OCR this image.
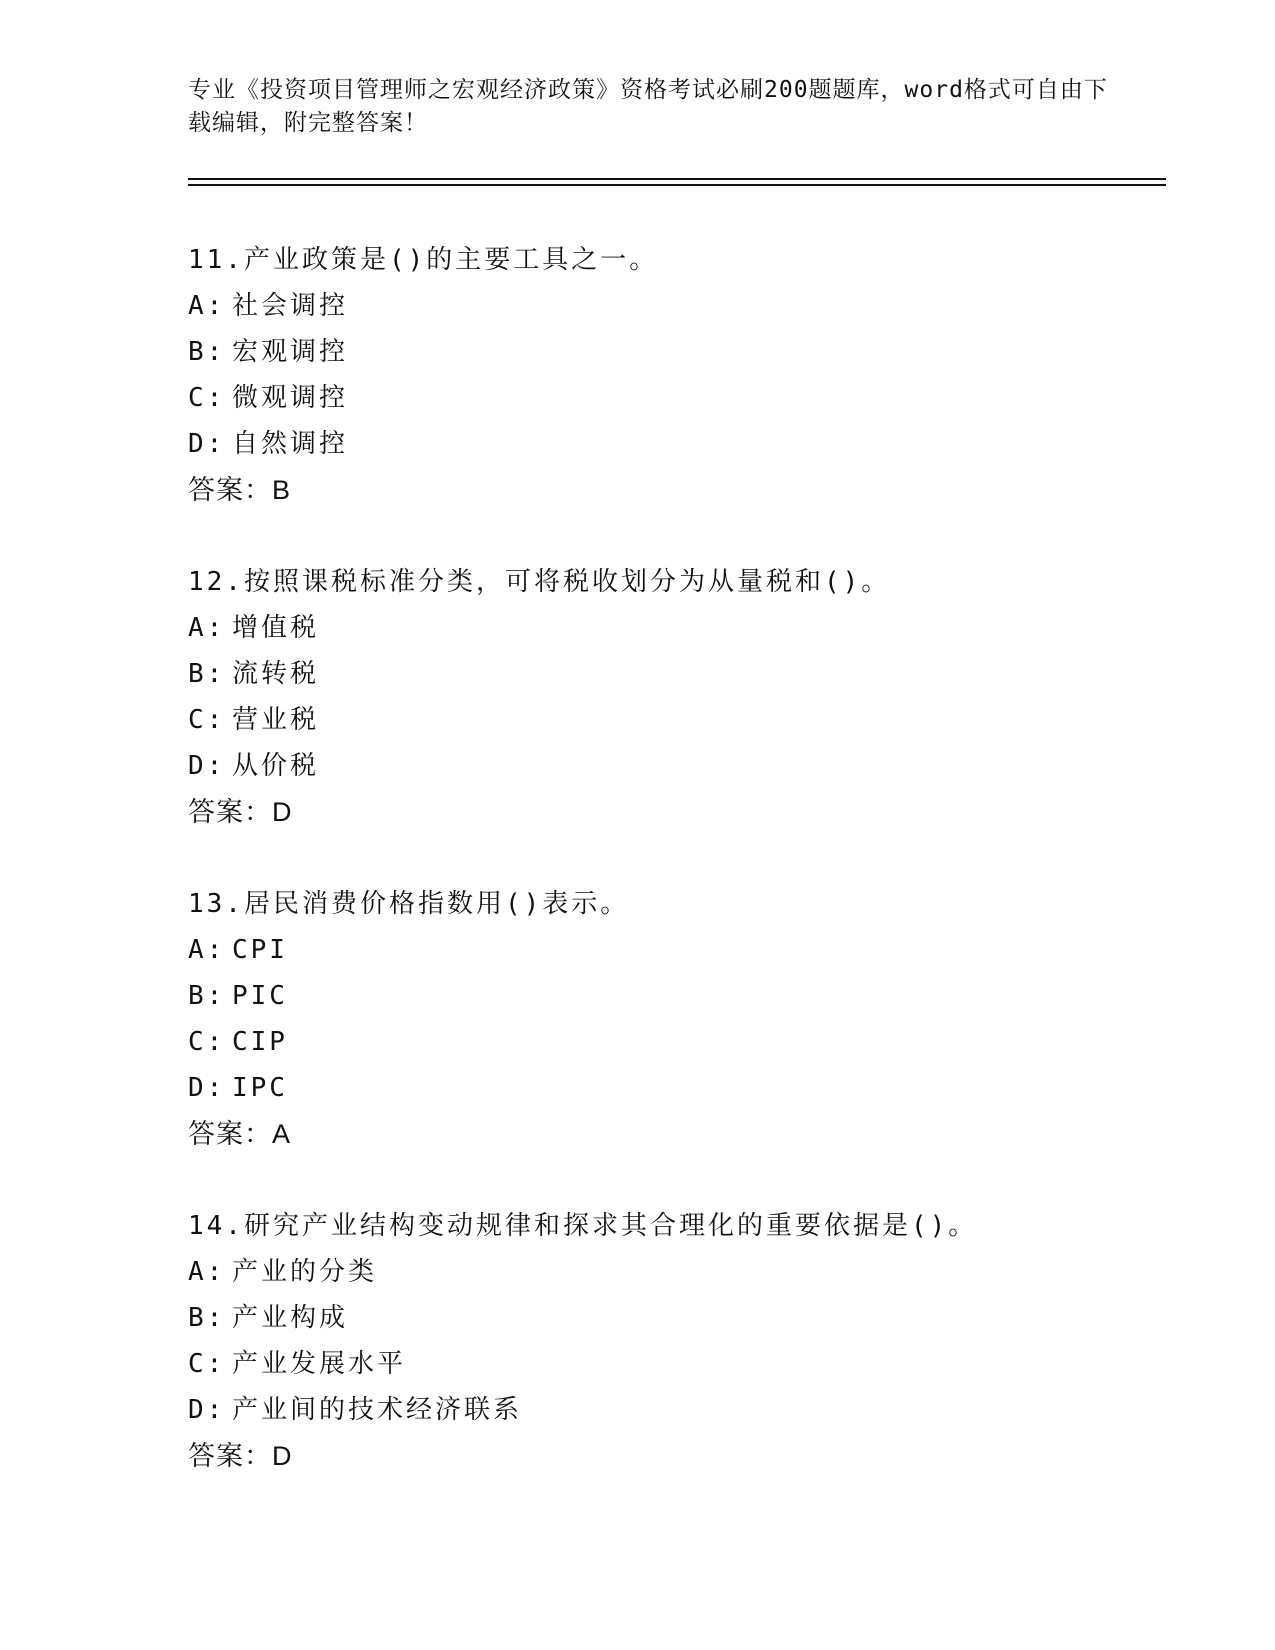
专业《投资项目管理师之宏观经济政策》资格考试必刷200题题库，word格式可自由下载编辑，附完整答案！
11.产业政策是()的主要工具之一。
A: 社会调控
B: 宏观调控
C: 微观调控
D: 自然调控
答案：B
12.按照课税标准分类，可将税收划分为从量税和()。
A: 增值税
B: 流转税
C: 营业税
D: 从价税
答案：D
13.居民消费价格指数用()表示。
A: CPI
B: PIC
C: CIP
D: IPC
答案：A
14.研究产业结构变动规律和探求其合理化的重要依据是()。
A: 产业的分类
B: 产业构成
C: 产业发展水平
D: 产业间的技术经济联系
答案：D
